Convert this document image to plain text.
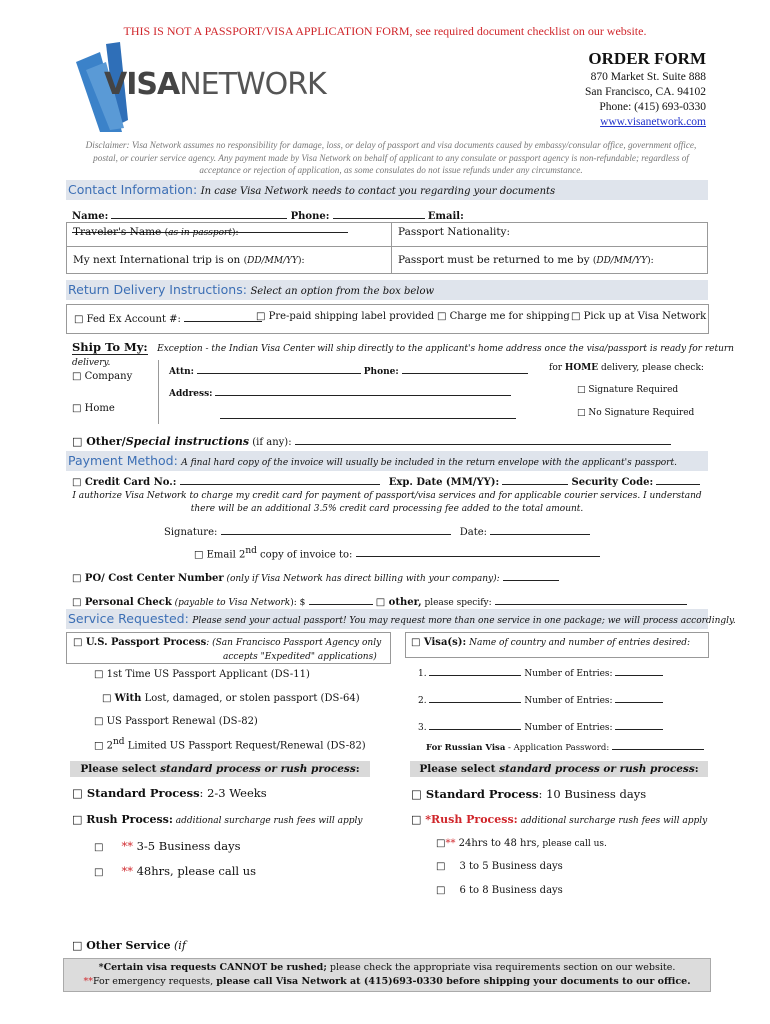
THIS IS NOT A PASSPORT/VISA APPLICATION FORM, see required document checklist on our website.
VISANETWORK
ORDER FORM
870 Market St. Suite 888
San Francisco, CA. 94102
Phone: (415) 693-0330
www.visanetwork.com
Disclaimer: Visa Network assumes no responsibility for damage, loss, or delay of passport and visa documents caused by embassy/consular office, government office, postal, or courier service agency. Any payment made by Visa Network on behalf of applicant to any consulate or passport agency is non-refundable; regardless of acceptance or rejection of application, as some consulates do not issue refunds under any circumstance.
Contact Information: In case Visa Network needs to contact you regarding your documents
Name:	Phone:	Email:
Traveler's Name (as in passport):	Passport Nationality:
My next International trip is on (DD/MM/YY):	Passport must be returned to me by (DD/MM/YY):
Return Delivery Instructions: Select an option from the box below
□ Fed Ex Account #:	□ Pre-paid shipping label provided □ Charge me for shipping □ Pick up at Visa Network
Ship To My: Exception - the Indian Visa Center will ship directly to the applicant's home address once the visa/passport is ready for return delivery.
□ Company
□ Home
Attn:	Phone:
Address:
for HOME delivery, please check:
□ Signature Required
□ No Signature Required
□ Other/Special instructions (if any):
Payment Method: A final hard copy of the invoice will usually be included in the return envelope with the applicant's passport.
□ Credit Card No.:	Exp. Date (MM/YY):	Security Code:
I authorize Visa Network to charge my credit card for payment of passport/visa services and for applicable courier services. I understand
there will be an additional 3.5% credit card processing fee added to the total amount.
Signature:	Date:
□ Email 2nd copy of invoice to:
□ PO/ Cost Center Number (only if Visa Network has direct billing with your company):
□ Personal Check (payable to Visa Network): $	□ other, please specify:
Service Requested: Please send your actual passport! You may request more than one service in one package; we will process accordingly.
□ U.S. Passport Process: (San Francisco Passport Agency only
accepts "Expedited" applications)
□ Visa(s): Name of country and number of entries desired:
□ 1st Time US Passport Applicant (DS-11)
□ With Lost, damaged, or stolen passport (DS-64)
□ US Passport Renewal (DS-82)
□ 2nd Limited US Passport Request/Renewal (DS-82)
1.	Number of Entries:
2.	Number of Entries:
3.	Number of Entries:
For Russian Visa - Application Password:
Please select standard process or rush process:	Please select standard process or rush process:
□ Standard Process: 2-3 Weeks	□ Standard Process: 10 Business days
□ Rush Process: additional surcharge rush fees will apply	□ *Rush Process: additional surcharge rush fees will apply
□ ** 3-5 Business days
□ ** 48hrs, please call us
□** 24hrs to 48 hrs, please call us.
□ 3 to 5 Business days
□ 6 to 8 Business days
□ Other Service (if
*Certain visa requests CANNOT be rushed; please check the appropriate visa requirements section on our website.
**For emergency requests, please call Visa Network at (415)693-0330 before shipping your documents to our office.
